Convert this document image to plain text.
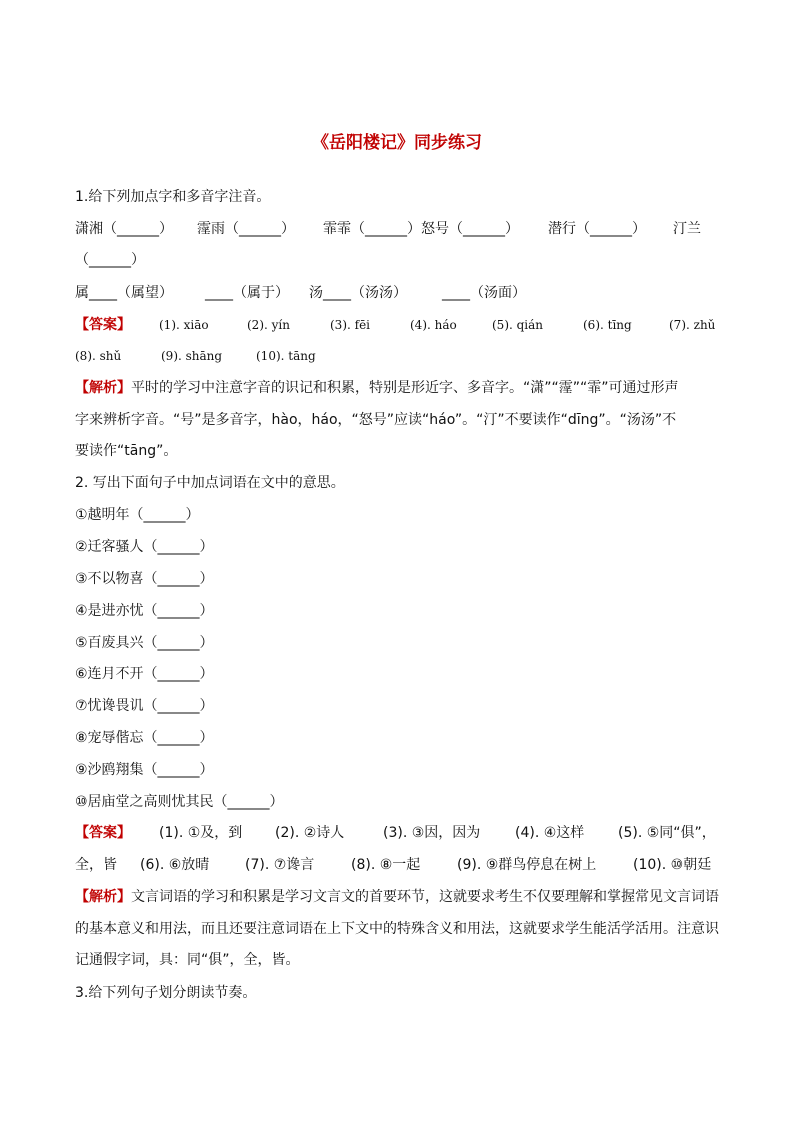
《岳阳楼记》同步练习
1.给下列加点字和多音字注音。
潇湘（______） 霪雨（______） 霏霏（______）怒号（______） 潜行（______） 汀兰
（______）
属____（属望） ____（属于） 汤____（汤汤）	____（汤面）
【答案】 (1). xiāo	(2). yín	(3). fēi	(4). háo	(5). qián	(6). tīng	(7). zhǔ
(8). shǔ	(9). shāng	(10). tāng
【解析】平时的学习中注意字音的识记和积累，特别是形近字、多音字。“潇”“霪”“霏”可通过形声
字来辨析字音。“号”是多音字，hào，háo，“怒号”应读“háo”。“汀”不要读作“dīng”。“汤汤”不
要读作“tāng”。
2. 写出下面句子中加点词语在文中的意思。
①越明年（______）
②迁客骚人（______）
③不以物喜（______）
④是进亦忧（______）
⑤百废具兴（______）
⑥连月不开（______）
⑦忧谗畏讥（______）
⑧宠辱偕忘（______）
⑨沙鸥翔集（______）
⑩居庙堂之高则忧其民（______）
【答案】 (1). ①及，到 (2). ②诗人	(3). ③因，因为 (4). ④这样 (5). ⑤同“俱”，
全，皆 (6). ⑥放晴	(7). ⑦谗言	(8). ⑧一起	(9). ⑨群鸟停息在树上	(10). ⑩朝廷
【解析】文言词语的学习和积累是学习文言文的首要环节，这就要求考生不仅要理解和掌握常见文言词语
的基本意义和用法，而且还要注意词语在上下文中的特殊含义和用法，这就要求学生能活学活用。注意识
记通假字词，具：同“俱”，全，皆。
3.给下列句子划分朗读节奏。
